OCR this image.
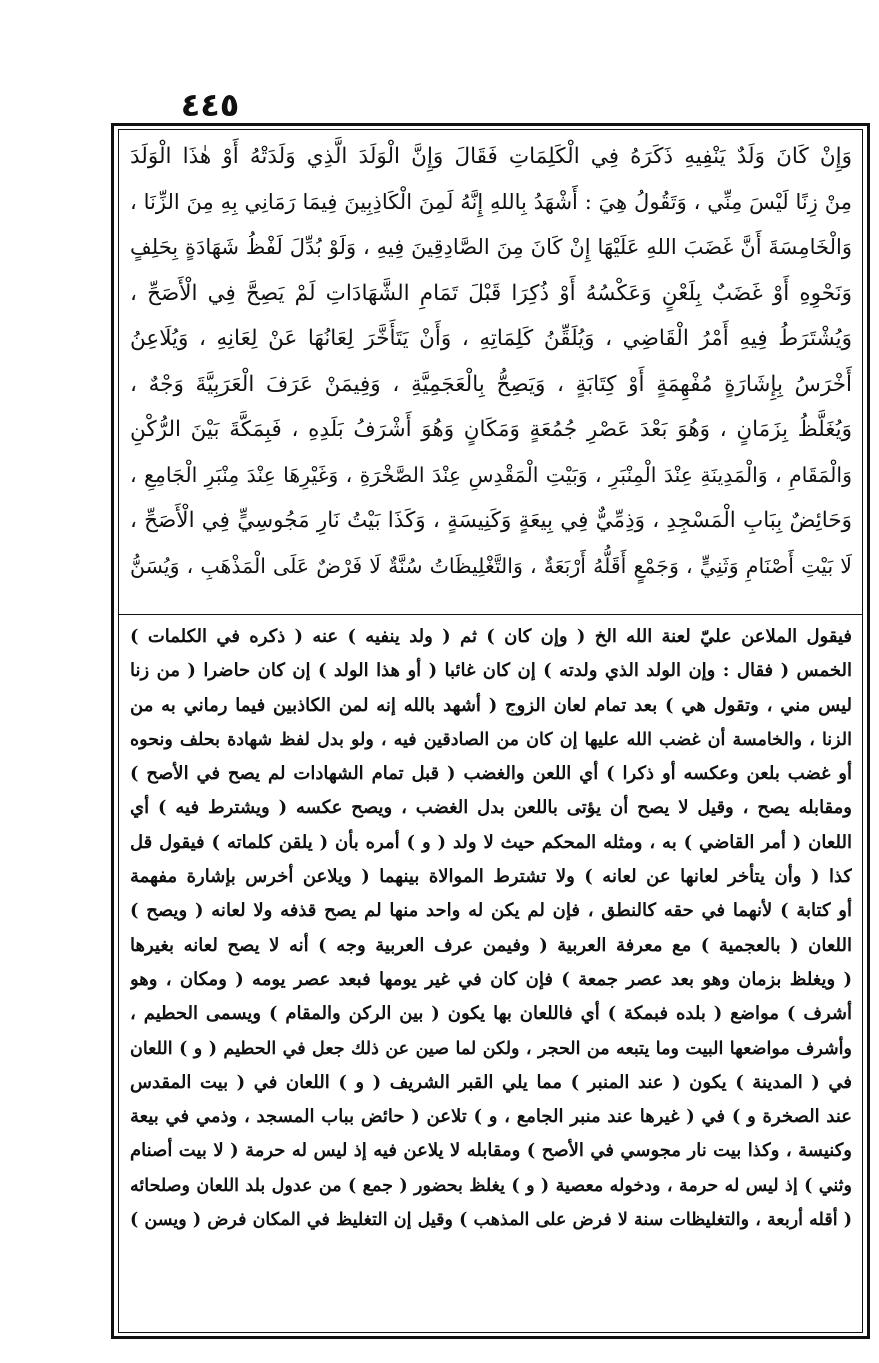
٤٤٥
وَإِنْ كَانَ وَلَدٌ يَنْفِيهِ ذَكَرَهُ فِي الْكَلِمَاتِ فَقَالَ وَإِنَّ الْوَلَدَ الَّذِي وَلَدَتْهُ أَوْ هٰذَا الْوَلَدَ
مِنْ زِنًا لَيْسَ مِنِّي ، وَتَقُولُ هِيَ : أَشْهَدُ بِاللهِ إِنَّهُ لَمِنَ الْكَاذِبِينَ فِيمَا رَمَانِي بِهِ مِنَ الزِّنَا ،
وَالْخَامِسَةَ أَنَّ غَضَبَ اللهِ عَلَيْهَا إِنْ كَانَ مِنَ الصَّادِقِينَ فِيهِ ، وَلَوْ بُدِّلَ لَفْظُ شَهَادَةٍ بِحَلِفٍ
وَنَحْوِهِ أَوْ غَضَبٌ بِلَعْنٍ وَعَكْسُهُ أَوْ ذُكِرَا قَبْلَ تَمَامِ الشَّهَادَاتِ لَمْ يَصِحَّ فِي الْأَصَحِّ ،
وَيُشْتَرَطُ فِيهِ أَمْرُ الْقَاضِي ، وَيُلَقِّنُ كَلِمَاتِهِ ، وَأَنْ يَتَأَخَّرَ لِعَانُهَا عَنْ لِعَانِهِ ، وَيُلَاعِنُ
أَخْرَسُ بِإِشَارَةٍ مُفْهِمَةٍ أَوْ كِتَابَةٍ ، وَيَصِحُّ بِالْعَجَمِيَّةِ ، وَفِيمَنْ عَرَفَ الْعَرَبِيَّةَ وَجْهٌ ،
وَيُغَلَّظُ بِزَمَانٍ ، وَهُوَ بَعْدَ عَصْرِ جُمُعَةٍ وَمَكَانٍ وَهُوَ أَشْرَفُ بَلَدِهِ ، فَبِمَكَّةَ بَيْنَ الرُّكْنِ
وَالْمَقَامِ ، وَالْمَدِينَةِ عِنْدَ الْمِنْبَرِ ، وَبَيْتِ الْمَقْدِسِ عِنْدَ الصَّخْرَةِ ، وَغَيْرِهَا عِنْدَ مِنْبَرِ الْجَامِعِ ،
وَحَائِضٌ بِبَابِ الْمَسْجِدِ ، وَذِمِّيٌّ فِي بِيعَةٍ وَكَنِيسَةٍ ، وَكَذَا بَيْتُ نَارِ مَجُوسِيٍّ فِي الْأَصَحِّ ،
لَا بَيْتِ أَصْنَامِ وَثَنِيٍّ ، وَجَمْعٍ أَقَلُّهُ أَرْبَعَةٌ ، وَالتَّغْلِيظَاتُ سُنَّةٌ لَا فَرْضٌ عَلَى الْمَذْهَبِ ، وَيُسَنُّ
فيقول الملاعن عليّ لعنة الله الخ ( وإن كان ) ثم ( ولد ينفيه ) عنه ( ذكره في الكلمات )
الخمس ( فقال : وإن الولد الذي ولدته ) إن كان غائبا ( أو هذا الولد ) إن كان حاضرا ( من زنا
ليس مني ، وتقول هي ) بعد تمام لعان الزوج ( أشهد بالله إنه لمن الكاذبين فيما رماني به من
الزنا ، والخامسة أن غضب الله عليها إن كان من الصادقين فيه ، ولو بدل لفظ شهادة بحلف ونحوه
أو غضب بلعن وعكسه أو ذكرا ) أي اللعن والغضب ( قبل تمام الشهادات لم يصح في الأصح )
ومقابله يصح ، وقيل لا يصح أن يؤتى باللعن بدل الغضب ، ويصح عكسه ( ويشترط فيه ) أي
اللعان ( أمر القاضي ) به ، ومثله المحكم حيث لا ولد ( و ) أمره بأن ( يلقن كلماته ) فيقول قل
كذا ( وأن يتأخر لعانها عن لعانه ) ولا تشترط الموالاة بينهما ( ويلاعن أخرس بإشارة مفهمة
أو كتابة ) لأنهما في حقه كالنطق ، فإن لم يكن له واحد منها لم يصح قذفه ولا لعانه ( ويصح )
اللعان ( بالعجمية ) مع معرفة العربية ( وفيمن عرف العربية وجه ) أنه لا يصح لعانه بغيرها
( ويغلظ بزمان وهو بعد عصر جمعة ) فإن كان في غير يومها فبعد عصر يومه ( ومكان ، وهو
أشرف ) مواضع ( بلده فبمكة ) أي فاللعان بها يكون ( بين الركن والمقام ) ويسمى الحطيم ،
وأشرف مواضعها البيت وما يتبعه من الحجر ، ولكن لما صين عن ذلك جعل في الحطيم ( و ) اللعان
في ( المدينة ) يكون ( عند المنبر ) مما يلي القبر الشريف ( و ) اللعان في ( بيت المقدس
عند الصخرة و ) في ( غيرها عند منبر الجامع ، و ) تلاعن ( حائض بباب المسجد ، وذمي في بيعة
وكنيسة ، وكذا بيت نار مجوسي في الأصح ) ومقابله لا يلاعن فيه إذ ليس له حرمة ( لا بيت أصنام
وثني ) إذ ليس له حرمة ، ودخوله معصية ( و ) يغلظ بحضور ( جمع ) من عدول بلد اللعان وصلحائه
( أقله أربعة ، والتغليظات سنة لا فرض على المذهب ) وقيل إن التغليظ في المكان فرض ( ويسن )
